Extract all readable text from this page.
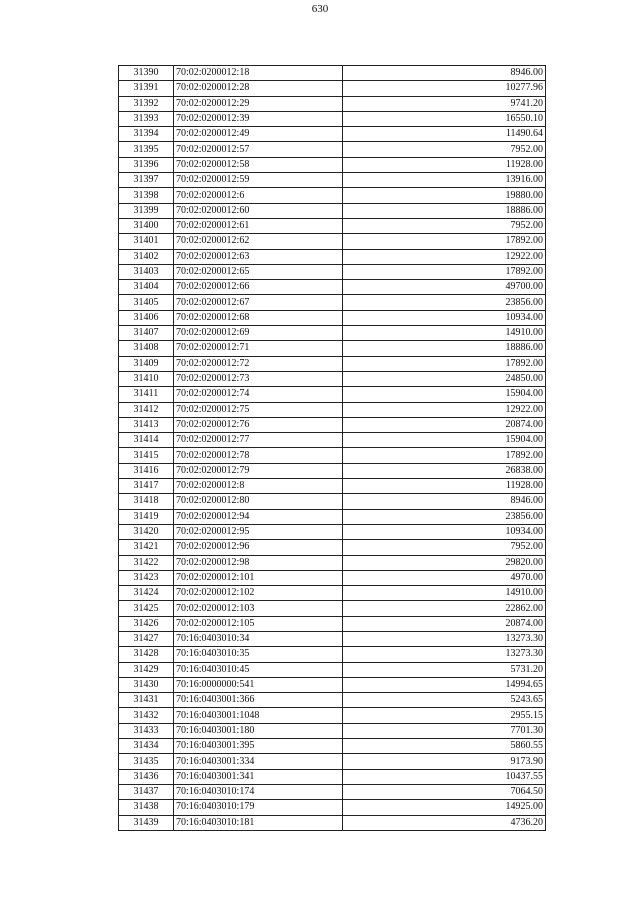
630
31390	70:02:0200012:18	8946.00
31391	70:02:0200012:28	10277.96
31392	70:02:0200012:29	9741.20
31393	70:02:0200012:39	16550.10
31394	70:02:0200012:49	11490.64
31395	70:02:0200012:57	7952.00
31396	70:02:0200012:58	11928.00
31397	70:02:0200012:59	13916.00
31398	70:02:0200012:6	19880.00
31399	70:02:0200012:60	18886.00
31400	70:02:0200012:61	7952.00
31401	70:02:0200012:62	17892.00
31402	70:02:0200012:63	12922.00
31403	70:02:0200012:65	17892.00
31404	70:02:0200012:66	49700.00
31405	70:02:0200012:67	23856.00
31406	70:02:0200012:68	10934.00
31407	70:02:0200012:69	14910.00
31408	70:02:0200012:71	18886.00
31409	70:02:0200012:72	17892.00
31410	70:02:0200012:73	24850.00
31411	70:02:0200012:74	15904.00
31412	70:02:0200012:75	12922.00
31413	70:02:0200012:76	20874.00
31414	70:02:0200012:77	15904.00
31415	70:02:0200012:78	17892.00
31416	70:02:0200012:79	26838.00
31417	70:02:0200012:8	11928.00
31418	70:02:0200012:80	8946.00
31419	70:02:0200012:94	23856.00
31420	70:02:0200012:95	10934.00
31421	70:02:0200012:96	7952.00
31422	70:02:0200012:98	29820.00
31423	70:02:0200012:101	4970.00
31424	70:02:0200012:102	14910.00
31425	70:02:0200012:103	22862.00
31426	70:02:0200012:105	20874.00
31427	70:16:0403010:34	13273.30
31428	70:16:0403010:35	13273.30
31429	70:16:0403010:45	5731.20
31430	70:16:0000000:541	14994.65
31431	70:16:0403001:366	5243.65
31432	70:16:0403001:1048	2955.15
31433	70:16:0403001:180	7701.30
31434	70:16:0403001:395	5860.55
31435	70:16:0403001:334	9173.90
31436	70:16:0403001:341	10437.55
31437	70:16:0403010:174	7064.50
31438	70:16:0403010:179	14925.00
31439	70:16:0403010:181	4736.20
